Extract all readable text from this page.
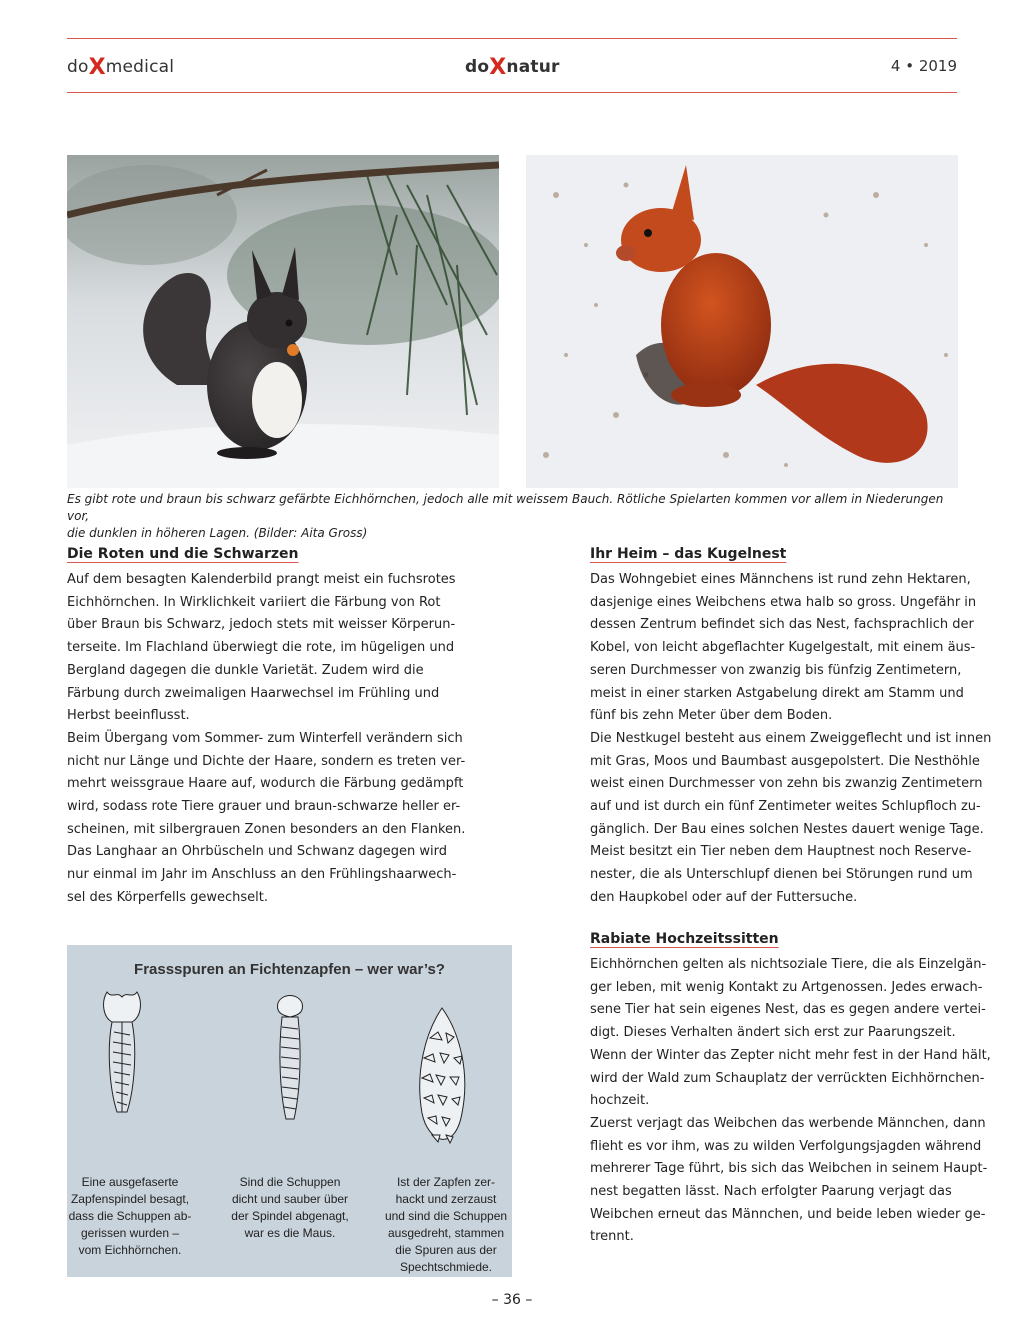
doXmedical	doXnatur	4 • 2019
Es gibt rote und braun bis schwarz gefärbte Eichhörnchen, jedoch alle mit weissem Bauch. Rötliche Spielarten kommen vor allem in Niederungen vor,
die dunklen in höheren Lagen. (Bilder: Aita Gross)
Die Roten und die Schwarzen
Auf dem besagten Kalenderbild prangt meist ein fuchsrotes
Eichhörnchen. In Wirklichkeit variiert die Färbung von Rot
über Braun bis Schwarz, jedoch stets mit weisser Körperun-
terseite. Im Flachland überwiegt die rote, im hügeligen und
Bergland dagegen die dunkle Varietät. Zudem wird die
Färbung durch zweimaligen Haarwechsel im Frühling und
Herbst beeinflusst.
Beim Übergang vom Sommer- zum Winterfell verändern sich
nicht nur Länge und Dichte der Haare, sondern es treten ver-
mehrt weissgraue Haare auf, wodurch die Färbung gedämpft
wird, sodass rote Tiere grauer und braun-schwarze heller er-
scheinen, mit silbergrauen Zonen besonders an den Flanken.
Das Langhaar an Ohrbüscheln und Schwanz dagegen wird
nur einmal im Jahr im Anschluss an den Frühlingshaarwech-
sel des Körperfells gewechselt.
Ihr Heim – das Kugelnest
Das Wohngebiet eines Männchens ist rund zehn Hektaren,
dasjenige eines Weibchens etwa halb so gross. Ungefähr in
dessen Zentrum befindet sich das Nest, fachsprachlich der
Kobel, von leicht abgeflachter Kugelgestalt, mit einem äus-
seren Durchmesser von zwanzig bis fünfzig Zentimetern,
meist in einer starken Astgabelung direkt am Stamm und
fünf bis zehn Meter über dem Boden.
Die Nestkugel besteht aus einem Zweiggeflecht und ist innen
mit Gras, Moos und Baumbast ausgepolstert. Die Nesthöhle
weist einen Durchmesser von zehn bis zwanzig Zentimetern
auf und ist durch ein fünf Zentimeter weites Schlupfloch zu-
gänglich. Der Bau eines solchen Nestes dauert wenige Tage.
Meist besitzt ein Tier neben dem Hauptnest noch Reserve-
nester, die als Unterschlupf dienen bei Störungen rund um
den Haupkobel oder auf der Futtersuche.
Rabiate Hochzeitssitten
Eichhörnchen gelten als nichtsoziale Tiere, die als Einzelgän-
ger leben, mit wenig Kontakt zu Artgenossen. Jedes erwach-
sene Tier hat sein eigenes Nest, das es gegen andere vertei-
digt. Dieses Verhalten ändert sich erst zur Paarungszeit.
Wenn der Winter das Zepter nicht mehr fest in der Hand hält,
wird der Wald zum Schauplatz der verrückten Eichhörnchen-
hochzeit.
Zuerst verjagt das Weibchen das werbende Männchen, dann
flieht es vor ihm, was zu wilden Verfolgungsjagden während
mehrerer Tage führt, bis sich das Weibchen in seinem Haupt-
nest begatten lässt. Nach erfolgter Paarung verjagt das
Weibchen erneut das Männchen, und beide leben wieder ge-
trennt.
Frassspuren an Fichtenzapfen – wer war’s?
Eine ausgefaserte
Zapfenspindel besagt,
dass die Schuppen ab-
gerissen wurden –
vom Eichhörnchen.
Sind die Schuppen
dicht und sauber über
der Spindel abgenagt,
war es die Maus.
Ist der Zapfen zer-
hackt und zerzaust
und sind die Schuppen
ausgedreht, stammen
die Spuren aus der
Spechtschmiede.
– 36 –
